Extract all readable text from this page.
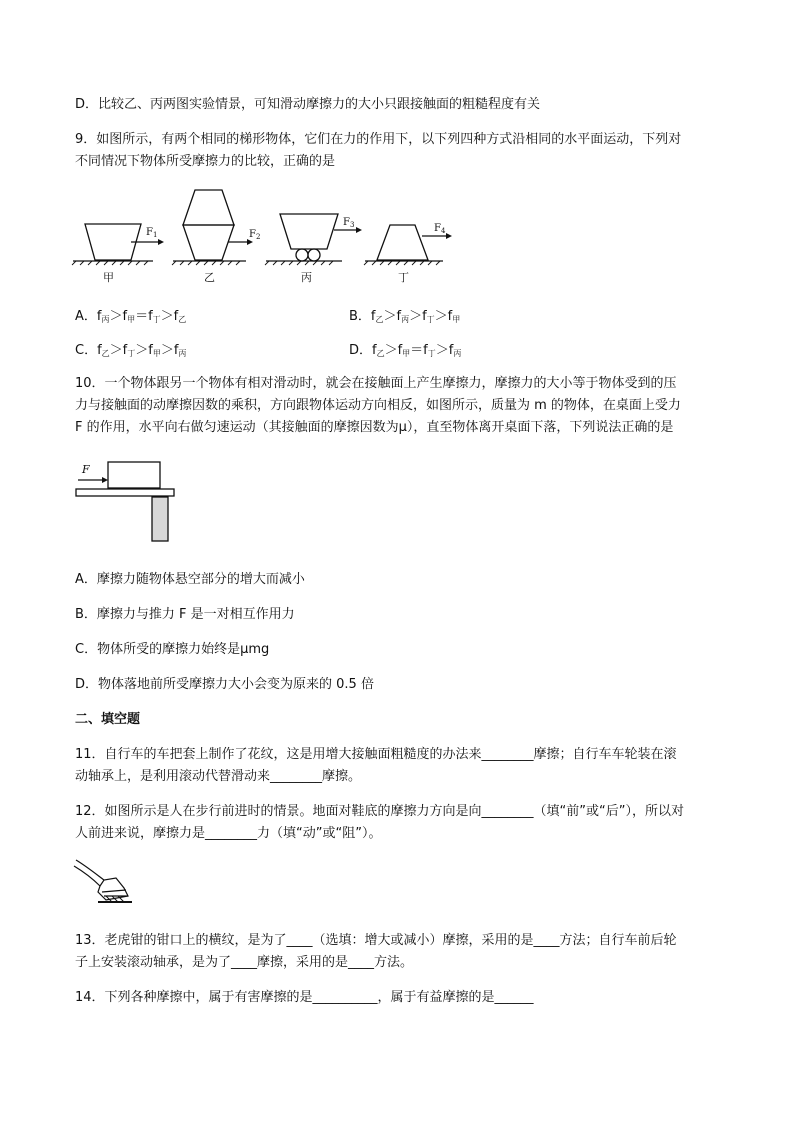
D．比较乙、丙两图实验情景，可知滑动摩擦力的大小只跟接触面的粗糙程度有关
9．如图所示，有两个相同的梯形物体，它们在力的作用下，以下列四种方式沿相同的水平面运动，下列对
不同情况下物体所受摩擦力的比较，正确的是
$F_1$
甲
$F_2$
乙
$F_3$
丙
$F_4$
丁
A．$f_丙>f_甲=f_丁>f_乙$	B．$f_乙>f_丙>f_丁>f_甲$
C．$f_乙>f_丁>f_甲>f_丙$	D．$f_乙>f_甲=f_丁>f_丙$
10．一个物体跟另一个物体有相对滑动时，就会在接触面上产生摩擦力，摩擦力的大小等于物体受到的压
力与接触面的动摩擦因数的乘积，方向跟物体运动方向相反，如图所示，质量为 m 的物体，在桌面上受力
F 的作用，水平向右做匀速运动（其接触面的摩擦因数为μ），直至物体离开桌面下落，下列说法正确的是
F
A．摩擦力随物体悬空部分的增大而减小
B．摩擦力与推力 F 是一对相互作用力
C．物体所受的摩擦力始终是μmg
D．物体落地前所受摩擦力大小会变为原来的 0.5 倍
二、填空题
11．自行车的车把套上制作了花纹，这是用增大接触面粗糙度的办法来________摩擦；自行车车轮装在滚
动轴承上，是利用滚动代替滑动来________摩擦。
12．如图所示是人在步行前进时的情景。地面对鞋底的摩擦力方向是向________（填“前”或“后”），所以对
人前进来说，摩擦力是________力（填“动”或“阻”）。
13．老虎钳的钳口上的横纹，是为了____（选填：增大或减小）摩擦，采用的是____方法；自行车前后轮
子上安装滚动轴承，是为了____摩擦，采用的是____方法。
14．下列各种摩擦中，属于有害摩擦的是__________，属于有益摩擦的是______
